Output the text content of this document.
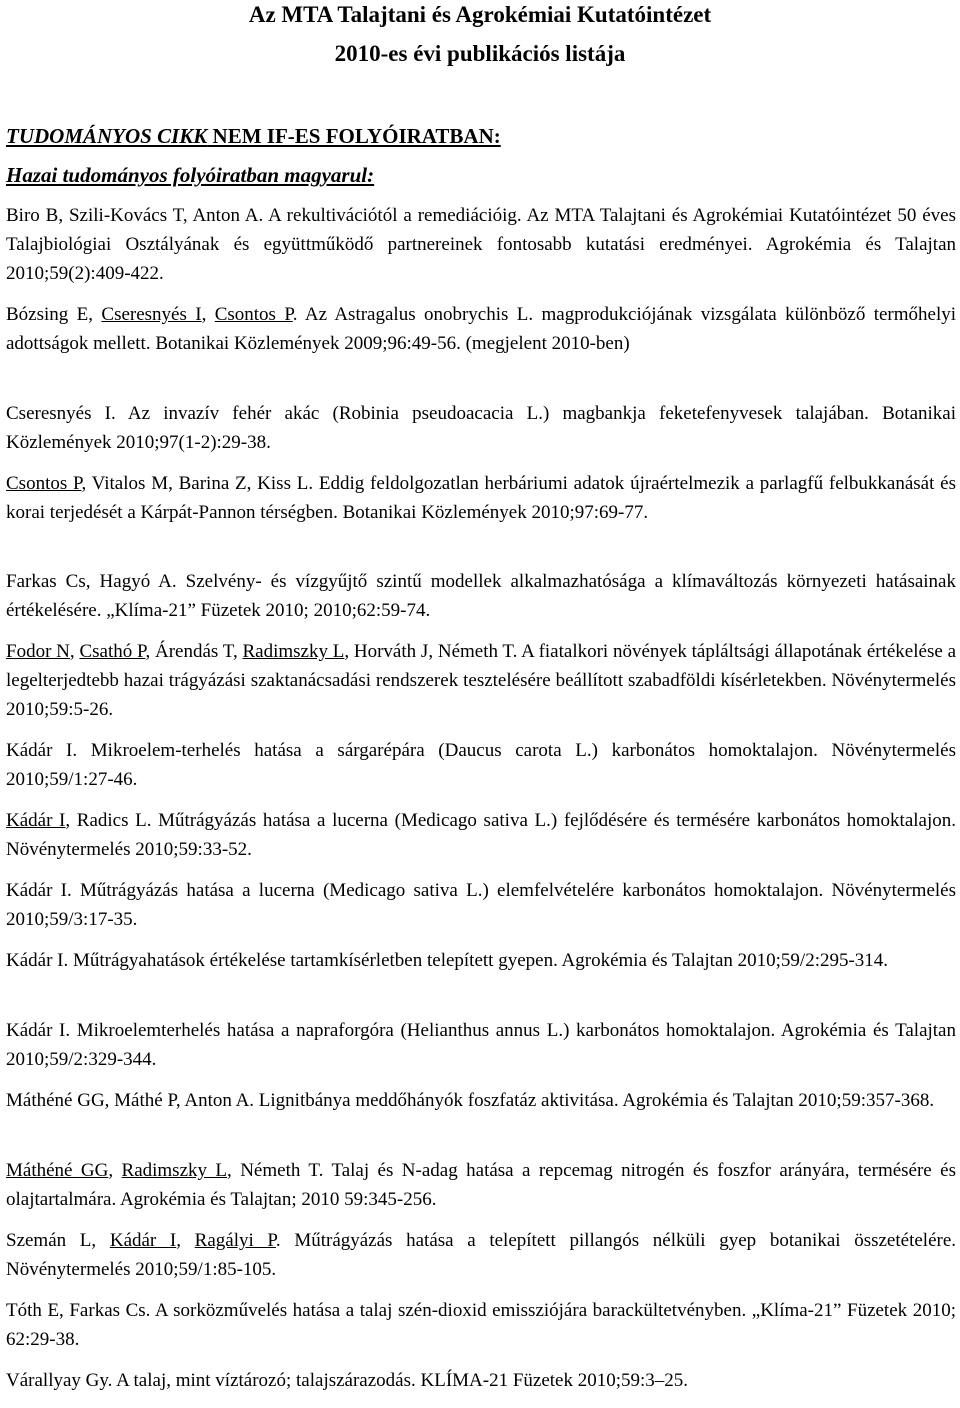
Az MTA Talajtani és Agrokémiai Kutatóintézet
2010-es évi publikációs listája
TUDOMÁNYOS CIKK NEM IF-ES FOLYÓIRATBAN:
Hazai tudományos folyóiratban magyarul:

Biro B, Szili-Kovács T, Anton A. A rekultivációtól a remediációig. Az MTA Talajtani és Agrokémiai Kutatóintézet 50 éves Talajbiológiai Osztályának és együttműködő partnereinek fontosabb kutatási eredményei. Agrokémia és Talajtan 2010;59(2):409-422.

Bózsing E, Cseresnyés I, Csontos P. Az Astragalus onobrychis L. magprodukciójának vizsgálata különböző termőhelyi adottságok mellett. Botanikai Közlemények 2009;96:49-56. (megjelent 2010-ben)

Cseresnyés I. Az invazív fehér akác (Robinia pseudoacacia L.) magbankja feketefenyvesek talajában. Botanikai Közlemények 2010;97(1-2):29-38.

Csontos P, Vitalos M, Barina Z, Kiss L. Eddig feldolgozatlan herbáriumi adatok újraértelmezik a parlagfű felbukkanását és korai terjedését a Kárpát-Pannon térségben. Botanikai Közlemények 2010;97:69-77.

Farkas Cs, Hagyó A. Szelvény- és vízgyűjtő szintű modellek alkalmazhatósága a klímaváltozás környezeti hatásainak értékelésére. „Klíma-21” Füzetek 2010; 2010;62:59-74.

Fodor N, Csathó P, Árendás T, Radimszky L, Horváth J, Németh T. A fiatalkori növények tápláltsági állapotának értékelése a legelterjedtebb hazai trágyázási szaktanácsadási rendszerek tesztelésére beállított szabadföldi kísérletekben. Növénytermelés 2010;59:5-26.

Kádár I. Mikroelem-terhelés hatása a sárgarépára (Daucus carota L.) karbonátos homoktalajon. Növénytermelés 2010;59/1:27-46.

Kádár I, Radics L. Műtrágyázás hatása a lucerna (Medicago sativa L.) fejlődésére és termésére karbonátos homoktalajon. Növénytermelés 2010;59:33-52.

Kádár I. Műtrágyázás hatása a lucerna (Medicago sativa L.) elemfelvételére karbonátos homoktalajon. Növénytermelés 2010;59/3:17-35.

Kádár I. Műtrágyahatások értékelése tartamkísérletben telepített gyepen. Agrokémia és Talajtan 2010;59/2:295-314.

Kádár I. Mikroelemterhelés hatása a napraforgóra (Helianthus annus L.) karbonátos homoktalajon. Agrokémia és Talajtan 2010;59/2:329-344.

Máthéné GG, Máthé P, Anton A. Lignitbánya meddőhányók foszfatáz aktivitása. Agrokémia és Talajtan 2010;59:357-368.

Máthéné GG, Radimszky L, Németh T. Talaj és N-adag hatása a repcemag nitrogén és foszfor arányára, termésére és olajtartalmára. Agrokémia és Talajtan; 2010 59:345-256.

Szemán L, Kádár I, Ragályi P. Műtrágyázás hatása a telepített pillangós nélküli gyep botanikai összetételére. Növénytermelés 2010;59/1:85-105.

Tóth E, Farkas Cs. A sorközművelés hatása a talaj szén-dioxid emissziójára barackültetvényben. „Klíma-21” Füzetek 2010; 62:29-38.

Várallyay Gy. A talaj, mint víztározó; talajszárazodás. KLÍMA-21 Füzetek 2010;59:3–25.
